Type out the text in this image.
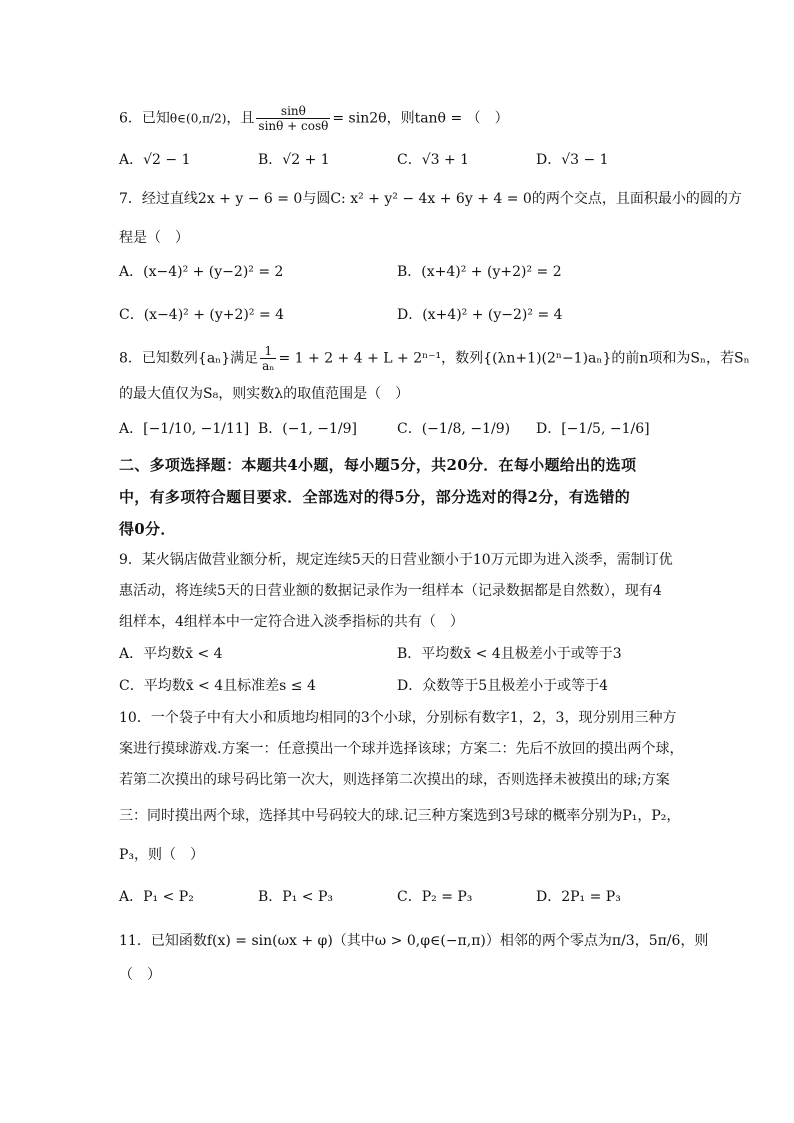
6．已知θ∈(0,π/2)，且 $\frac{\sin\theta}{\sin\theta + \cos\theta} = \sin 2\theta$，则tanθ = （　）
A．√2 − 1	B．√2 + 1	C．√3 + 1	D．√3 − 1
7．经过直线2x + y − 6 = 0与圆C: x² + y² − 4x + 6y + 4 = 0的两个交点，且面积最小的圆的方
程是（　）
A．(x−4)² + (y−2)² = 2	B．(x+4)² + (y+2)² = 2
C．(x−4)² + (y+2)² = 4	D．(x+4)² + (y−2)² = 4
8．已知数列{aₙ}满足 $\frac{1}{\text{aₙ}} = 1 + 2 + 4 + L + 2^{n-1}$，数列{(λn+1)(2ⁿ−1)aₙ}的前n项和为Sₙ，若Sₙ
的最大值仅为S₈，则实数λ的取值范围是（　）
A．[−1/10, −1/11] B．(−1, −1/9]	C．(−1/8, −1/9) D．[−1/5, −1/6]
二、多项选择题：本题共4小题，每小题5分，共20分．在每小题给出的选项
中，有多项符合题目要求．全部选对的得5分，部分选对的得2分，有选错的
得0分．
9．某火锅店做营业额分析，规定连续5天的日营业额小于10万元即为进入淡季，需制订优
惠活动，将连续5天的日营业额的数据记录作为一组样本（记录数据都是自然数），现有4
组样本，4组样本中一定符合进入淡季指标的共有（　）
A．平均数x̄ < 4	B．平均数x̄ < 4且极差小于或等于3
C．平均数x̄ < 4且标准差s ≤ 4	D．众数等于5且极差小于或等于4
10．一个袋子中有大小和质地均相同的3个小球，分别标有数字1，2，3，现分别用三种方
案进行摸球游戏.方案一：任意摸出一个球并选择该球；方案二：先后不放回的摸出两个球，
若第二次摸出的球号码比第一次大，则选择第二次摸出的球，否则选择未被摸出的球;方案
三：同时摸出两个球，选择其中号码较大的球.记三种方案选到3号球的概率分别为P₁，P₂，
P₃，则（　）
A．P₁ < P₂	B．P₁ < P₃	C．P₂ = P₃	D．2P₁ = P₃
11．已知函数f(x) = sin(ωx + φ)（其中ω > 0,φ∈(−π,π)）相邻的两个零点为π/3，5π/6，则
（　）
